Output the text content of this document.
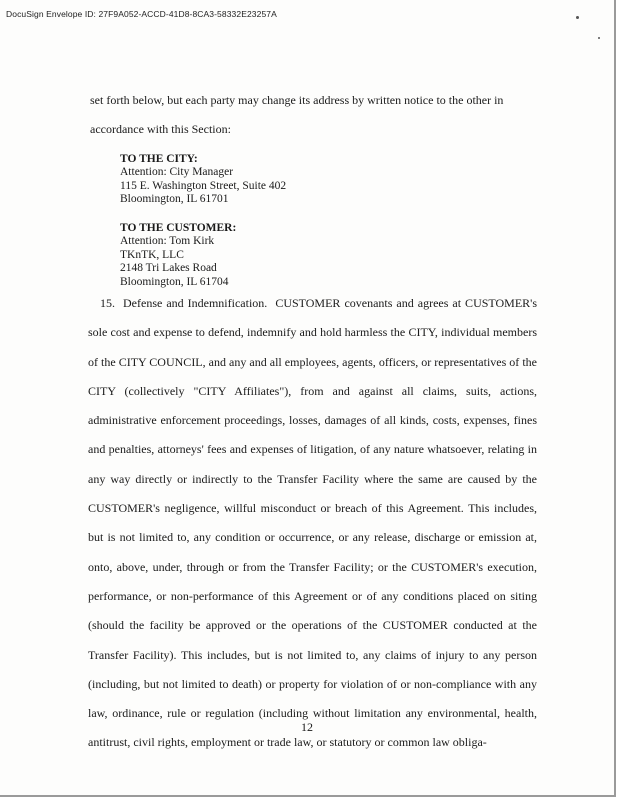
DocuSign Envelope ID: 27F9A052-ACCD-41D8-8CA3-58332E23257A

set forth below, but each party may change its address by written notice to the other in accordance with this Section:

TO THE CITY:
Attention: City Manager
115 E. Washington Street, Suite 402
Bloomington, IL 61701
TO THE CUSTOMER:
Attention: Tom Kirk
TKnTK, LLC
2148 Tri Lakes Road
Bloomington, IL 61704

15. Defense and Indemnification. CUSTOMER covenants and agrees at CUSTOMER's sole cost and expense to defend, indemnify and hold harmless the CITY, individual members of the CITY COUNCIL, and any and all employees, agents, officers, or representatives of the CITY (collectively "CITY Affiliates"), from and against all claims, suits, actions, administrative enforcement proceedings, losses, damages of all kinds, costs, expenses, fines and penalties, attorneys' fees and expenses of litigation, of any nature whatsoever, relating in any way directly or indirectly to the Transfer Facility where the same are caused by the CUSTOMER's negligence, willful misconduct or breach of this Agreement. This includes, but is not limited to, any condition or occurrence, or any release, discharge or emission at, onto, above, under, through or from the Transfer Facility; or the CUSTOMER's execution, performance, or non-performance of this Agreement or of any conditions placed on siting (should the facility be approved or the operations of the CUSTOMER conducted at the Transfer Facility). This includes, but is not limited to, any claims of injury to any person (including, but not limited to death) or property for violation of or non-compliance with any law, ordinance, rule or regulation (including without limitation any environmental, health, antitrust, civil rights, employment or trade law, or statutory or common law obliga-

12
